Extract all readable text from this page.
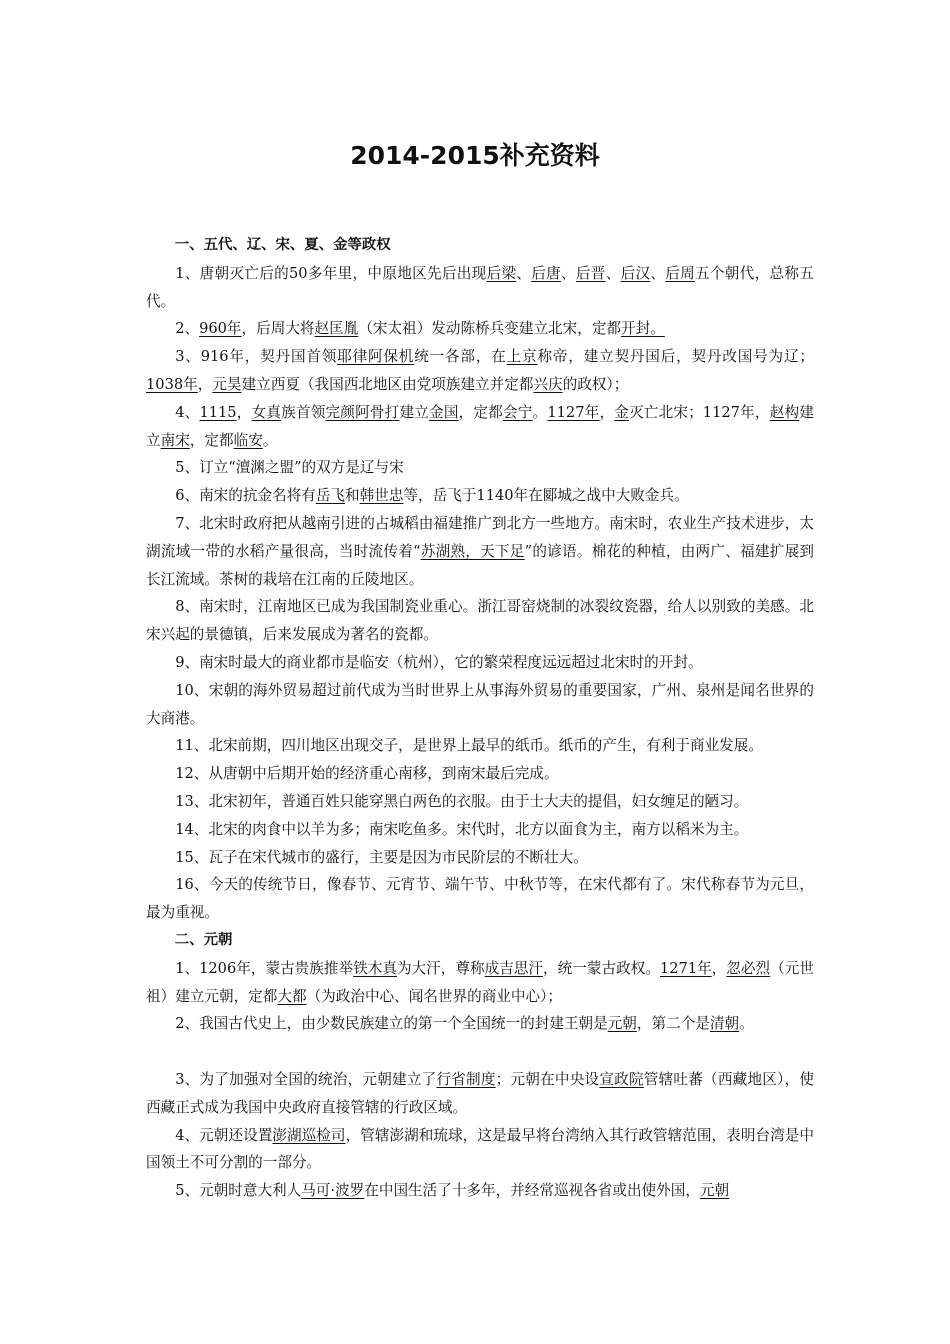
2014-2015补充资料

一、五代、辽、宋、夏、金等政权

1、唐朝灭亡后的50多年里，中原地区先后出现后梁、后唐、后晋、后汉、后周五个朝代，总称五代。

2、960年，后周大将赵匡胤（宋太祖）发动陈桥兵变建立北宋，定都开封。

3、916年，契丹国首领耶律阿保机统一各部，在上京称帝，建立契丹国后，契丹改国号为辽；1038年，元昊建立西夏（我国西北地区由党项族建立并定都兴庆的政权）；

4、1115，女真族首领完颜阿骨打建立金国，定都会宁。1127年，金灭亡北宋；1127年，赵构建立南宋，定都临安。

5、订立“澶渊之盟”的双方是辽与宋

6、南宋的抗金名将有岳飞和韩世忠等，岳飞于1140年在郾城之战中大败金兵。

7、北宋时政府把从越南引进的占城稻由福建推广到北方一些地方。南宋时，农业生产技术进步，太湖流域一带的水稻产量很高，当时流传着“苏湖熟，天下足”的谚语。棉花的种植，由两广、福建扩展到长江流域。茶树的栽培在江南的丘陵地区。

8、南宋时，江南地区已成为我国制瓷业重心。浙江哥窑烧制的冰裂纹瓷器，给人以别致的美感。北宋兴起的景德镇，后来发展成为著名的瓷都。

9、南宋时最大的商业都市是临安（杭州），它的繁荣程度远远超过北宋时的开封。

10、宋朝的海外贸易超过前代成为当时世界上从事海外贸易的重要国家，广州、泉州是闻名世界的大商港。

11、北宋前期，四川地区出现交子，是世界上最早的纸币。纸币的产生，有利于商业发展。

12、从唐朝中后期开始的经济重心南移，到南宋最后完成。

13、北宋初年，普通百姓只能穿黑白两色的衣服。由于士大夫的提倡，妇女缠足的陋习。

14、北宋的肉食中以羊为多；南宋吃鱼多。宋代时，北方以面食为主，南方以稻米为主。

15、瓦子在宋代城市的盛行，主要是因为市民阶层的不断壮大。

16、今天的传统节日，像春节、元宵节、端午节、中秋节等，在宋代都有了。宋代称春节为元旦，最为重视。

二、元朝

1、1206年，蒙古贵族推举铁木真为大汗，尊称成吉思汗，统一蒙古政权。1271年，忽必烈（元世祖）建立元朝，定都大都（为政治中心、闻名世界的商业中心）；

2、我国古代史上，由少数民族建立的第一个全国统一的封建王朝是元朝，第二个是清朝。

3、为了加强对全国的统治，元朝建立了行省制度；元朝在中央设宣政院管辖吐蕃（西藏地区），使西藏正式成为我国中央政府直接管辖的行政区域。

4、元朝还设置澎湖巡检司，管辖澎湖和琉球，这是最早将台湾纳入其行政管辖范围，表明台湾是中国领土不可分割的一部分。

5、元朝时意大利人马可·波罗在中国生活了十多年，并经常巡视各省或出使外国，元朝
